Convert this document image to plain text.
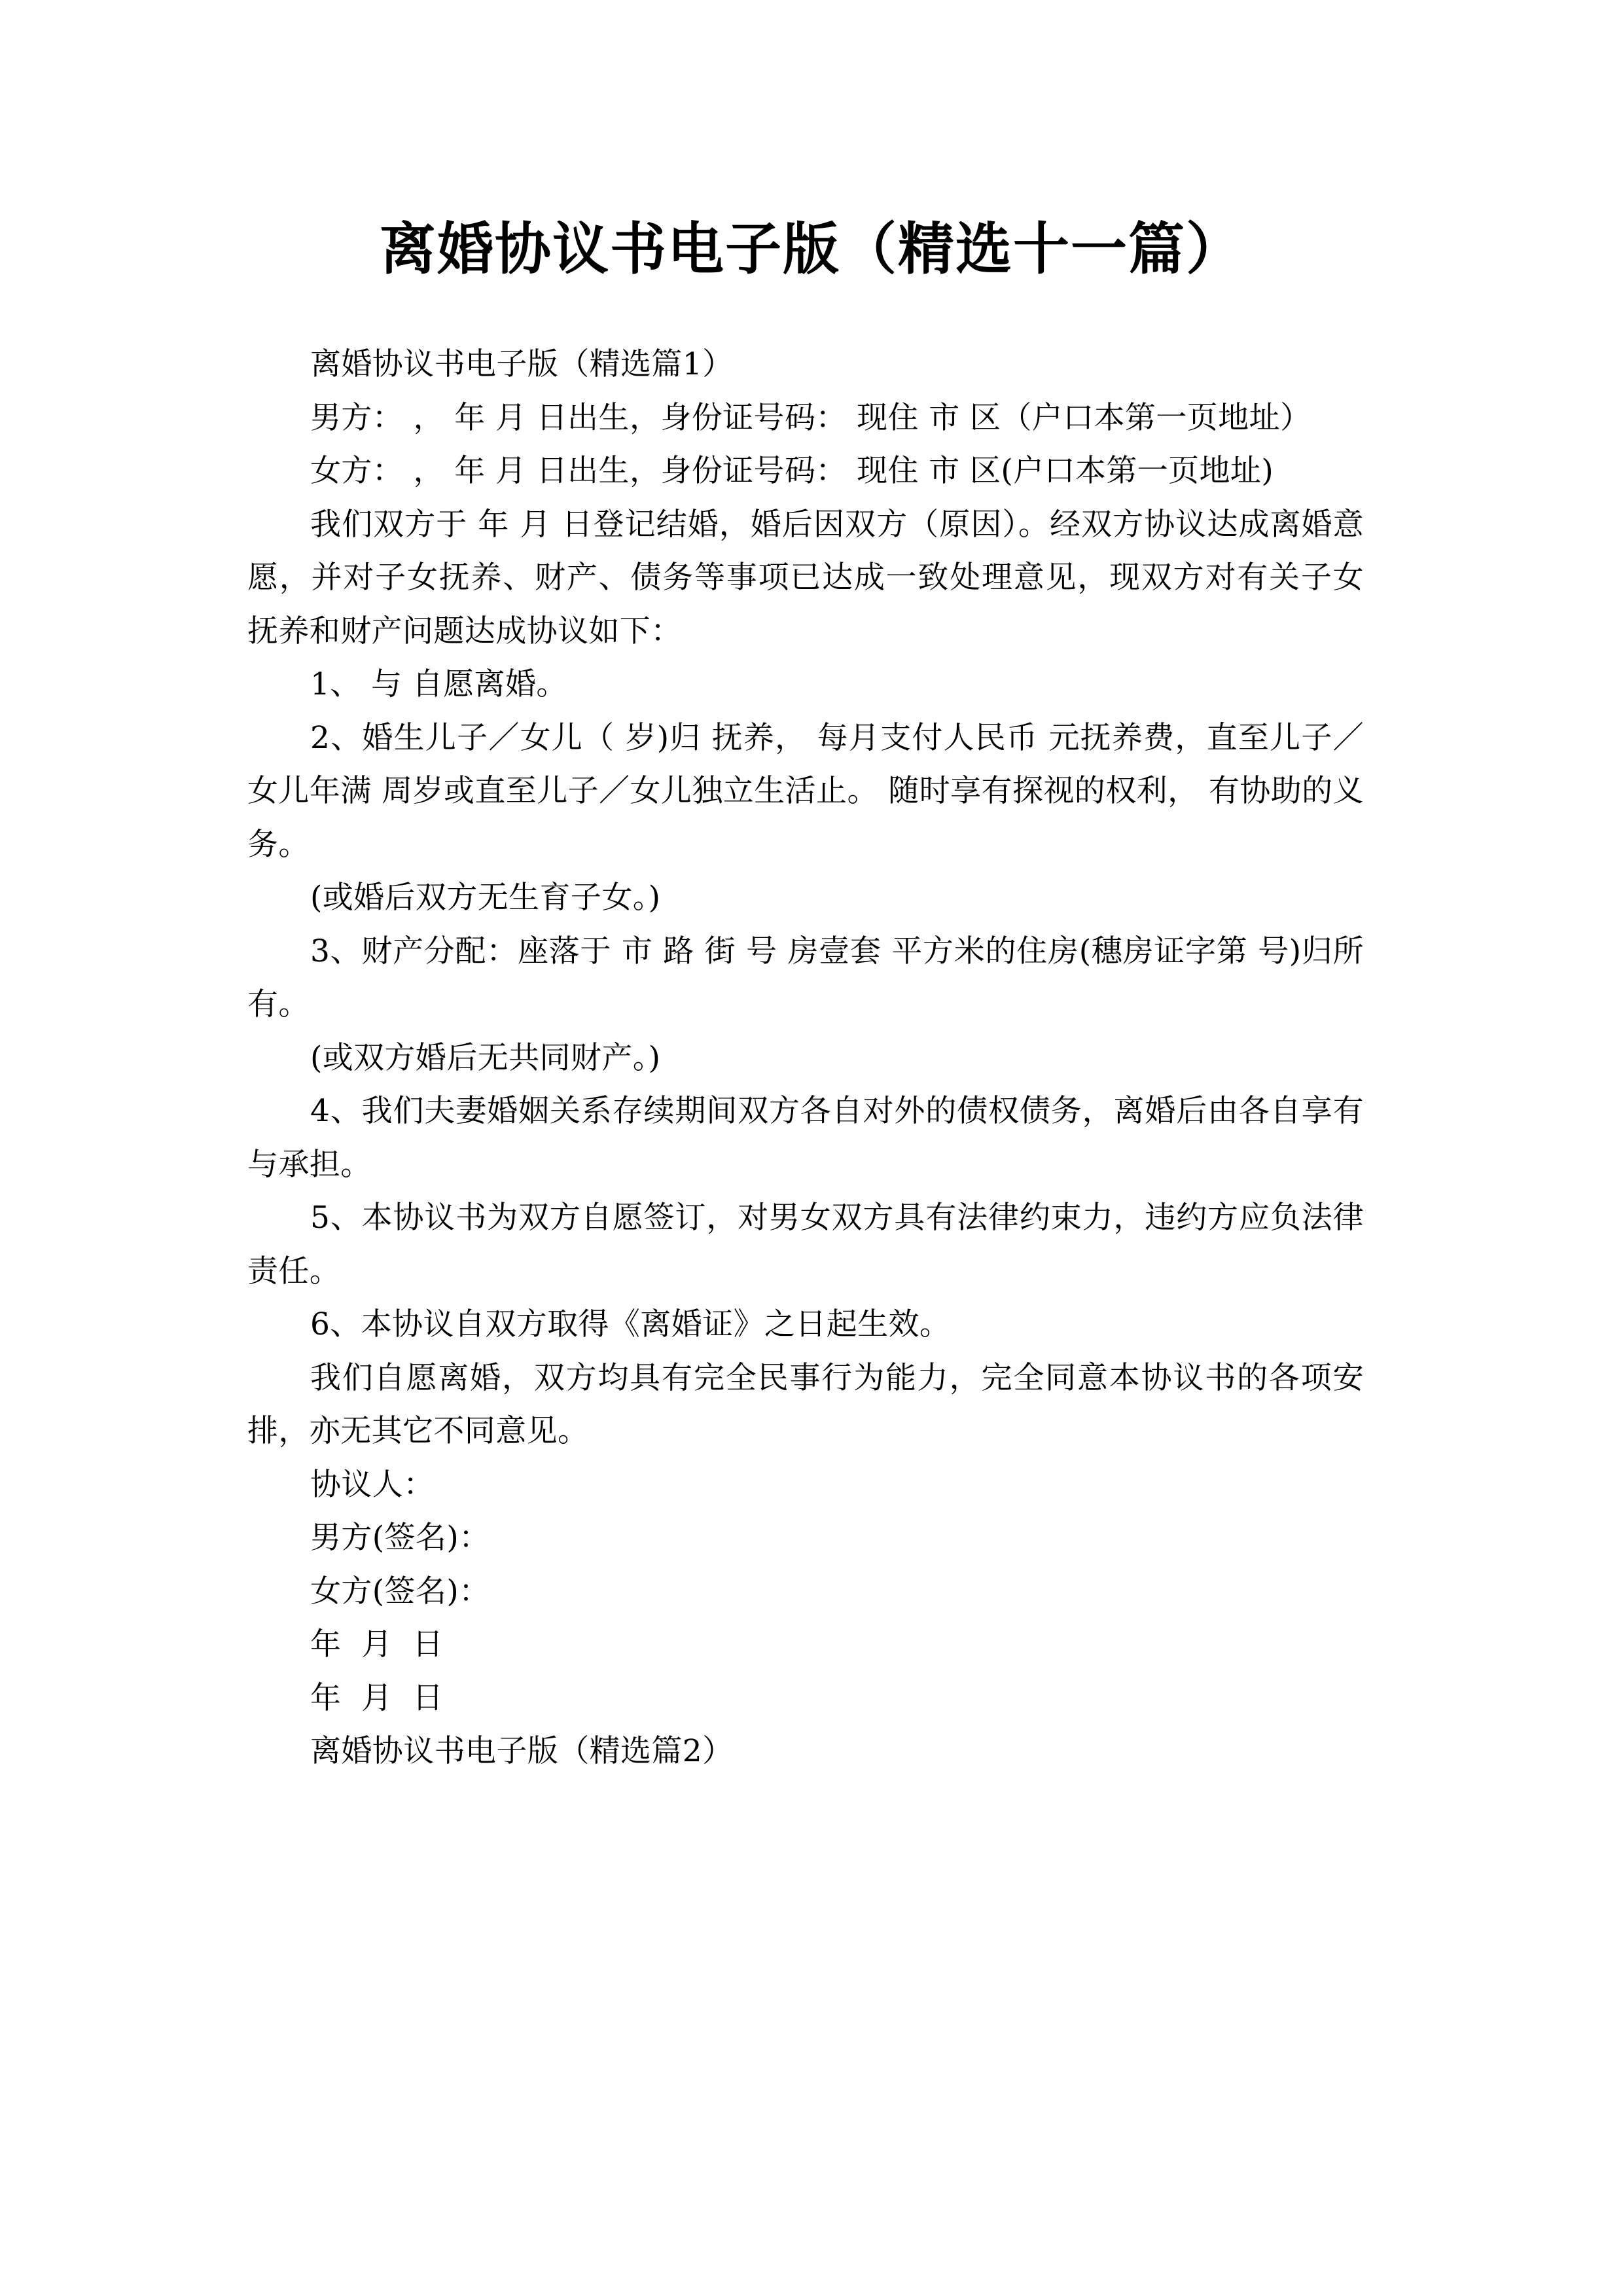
离婚协议书电子版（精选十一篇）

离婚协议书电子版（精选篇1）

男方： ， 年 月 日出生，身份证号码： 现住 市 区（户口本第一页地址）

女方： ， 年 月 日出生，身份证号码： 现住 市 区(户口本第一页地址)

我们双方于 年 月 日登记结婚，婚后因双方（原因）。经双方协议达成离婚意愿，并对子女抚养、财产、债务等事项已达成一致处理意见，现双方对有关子女抚养和财产问题达成协议如下：

1、 与 自愿离婚。

2、婚生儿子／女儿（ 岁)归 抚养， 每月支付人民币 元抚养费，直至儿子／女儿年满 周岁或直至儿子／女儿独立生活止。 随时享有探视的权利， 有协助的义务。

(或婚后双方无生育子女。)

3、财产分配：座落于 市 路 街 号 房壹套 平方米的住房(穗房证字第 号)归所有。

(或双方婚后无共同财产。)

4、我们夫妻婚姻关系存续期间双方各自对外的债权债务，离婚后由各自享有与承担。

5、本协议书为双方自愿签订，对男女双方具有法律约束力，违约方应负法律责任。

6、本协议自双方取得《离婚证》之日起生效。

我们自愿离婚，双方均具有完全民事行为能力，完全同意本协议书的各项安排，亦无其它不同意见。

协议人：

男方(签名)：

女方(签名)：

年  月  日

年  月  日

离婚协议书电子版（精选篇2）
